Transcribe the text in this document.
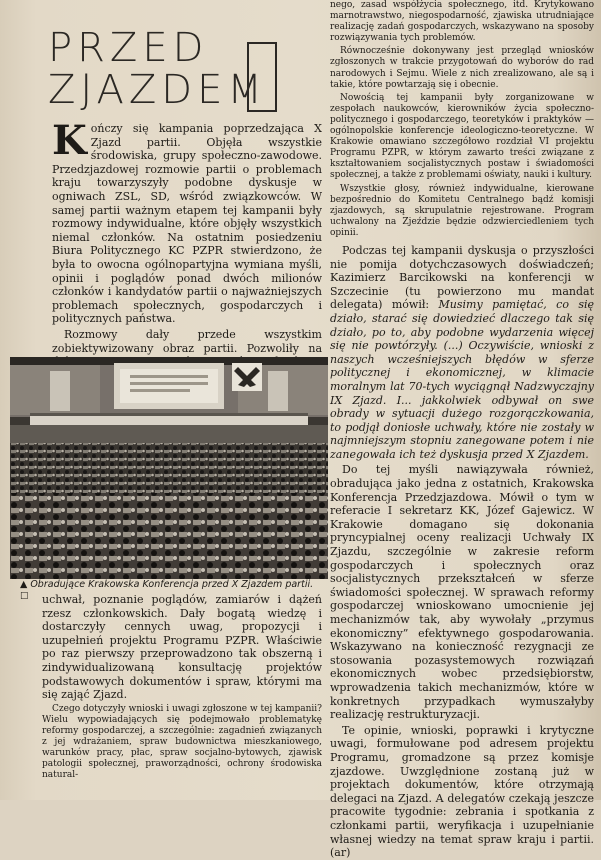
PRZED
ZJAZDEM

Kończy się kampania poprzedzająca X Zjazd partii. Objęła wszystkie środowiska, grupy społeczno-zawodowe. Przedzjazdowej rozmowie partii o problemach kraju towarzyszyły podobne dyskusje w ogniwach ZSL, SD, wśród związkowców. W samej partii ważnym etapem tej kampanii były rozmowy indywidualne, które objęły wszystkich niemal członków. Na ostatnim posiedzeniu Biura Politycznego KC PZPR stwierdzono, że była to owocna ogólnopartyjna wymiana myśli, opinii i poglądów ponad dwóch milionów członków i kandydatów partii o najważniejszych problemach społecznych, gospodarczych i politycznych państwa.

Rozmowy dały przede wszystkim zobiektywizowany obraz partii. Pozwoliły na

▲ Obradujące Krakowska Konferencja przed X Zjazdem partii. ☐	uchwał, poznanie poglądów, zamiarów i dążeń rzesz członkowskich. Dały bogatą wiedzę i dostarczyły cennych uwag, propozycji i uzupełnień projektu Programu PZPR. Właściwie po raz pierwszy przeprowadzono tak obszerną i zindywidualizowaną konsultację projektów podstawowych dokumentów i spraw, którymi ma się zająć Zjazd.

Czego dotyczyły wnioski i uwagi zgłoszone w tej kampanii? Wielu wypowiadających się podejmowało problematykę reformy gospodarczej, a szczególnie: zagadnień związanych z jej wdrażaniem, spraw budownictwa mieszkaniowego, warunków pracy, płac, spraw socjalno-bytowych, zjawisk patologii społecznej, praworządności, ochrony środowiska natural-

nego, zasad współżycia społecznego, itd. Krytykowano marnotrawstwo, niegospodarność, zjawiska utrudniające realizację zadań gospodarczych, wskazywano na sposoby rozwiązywania tych problemów.

Równocześnie dokonywany jest przegląd wniosków zgłoszonych w trakcie przygotowań do wyborów do rad narodowych i Sejmu. Wiele z nich zrealizowano, ale są i takie, które powtarzają się i obecnie.

Nowością tej kampanii były zorganizowane w zespołach naukowców, kierowników życia społeczno-politycznego i gospodarczego, teoretyków i praktyków — ogólnopolskie konferencje ideologiczno-teoretyczne. W Krakowie omawiano szczegółowo rozdział VI projektu Programu PZPR, w którym zawarto treści związane z kształtowaniem socjalistycznych postaw i świadomości społecznej, a także z problemami oświaty, nauki i kultury.

Wszystkie głosy, również indywidualne, kierowane bezpośrednio do Komitetu Centralnego bądź komisji zjazdowych, są skrupulatnie rejestrowane. Program uchwalony na Zjeździe będzie odzwierciedleniem tych opinii.

Podczas tej kampanii dyskusja o przyszłości nie pomija dotychczasowych doświadczeń; Kazimierz Barcikowski na konferencji w Szczecinie (tu powierzono mu mandat delegata) mówił: Musimy pamiętać, co się działo, starać się dowiedzieć dlaczego tak się działo, po to, aby podobne wydarzenia więcej się nie powtórzyły. (...) Oczywiście, wnioski z naszych wcześniejszych błędów w sferze politycznej i ekonomicznej, w klimacie moralnym lat 70-tych wyciągnął Nadzwyczajny IX Zjazd. I... jakkolwiek odbywał on swe obrady w sytuacji dużego rozgorączkowania, to podjął doniosłe uchwały, które nie zostały w najmniejszym stopniu zanegowane potem i nie zanegowała ich też dyskusja przed X Zjazdem.

Do tej myśli nawiązywała również, obradująca jako jedna z ostatnich, Krakowska Konferencja Przedzjazdowa. Mówił o tym w referacie I sekretarz KK, Józef Gajewicz. W Krakowie domagano się dokonania pryncypialnej oceny realizacji Uchwały IX Zjazdu, szczególnie w zakresie reform gospodarczych i społecznych oraz socjalistycznych przekształceń w sferze świadomości społecznej. W sprawach reformy gospodarczej wnioskowano umocnienie jej mechanizmów tak, aby wywołały „przymus ekonomiczny” efektywnego gospodarowania. Wskazywano na konieczność rezygnacji ze stosowania pozasystemowych rozwiązań ekonomicznych wobec przedsiębiorstw, wprowadzenia takich mechanizmów, które w konkretnych przypadkach wymuszałyby realizację restrukturyzacji.

Te opinie, wnioski, poprawki i krytyczne uwagi, formułowane pod adresem projektu Programu, gromadzone są przez komisje zjazdowe. Uwzględnione zostaną już w projektach dokumentów, które otrzymają delegaci na Zjazd. A delegatów czekają jeszcze pracowite tygodnie: zebrania i spotkania z członkami partii, weryfikacja i uzupełnianie własnej wiedzy na temat spraw kraju i partii. (ar)
